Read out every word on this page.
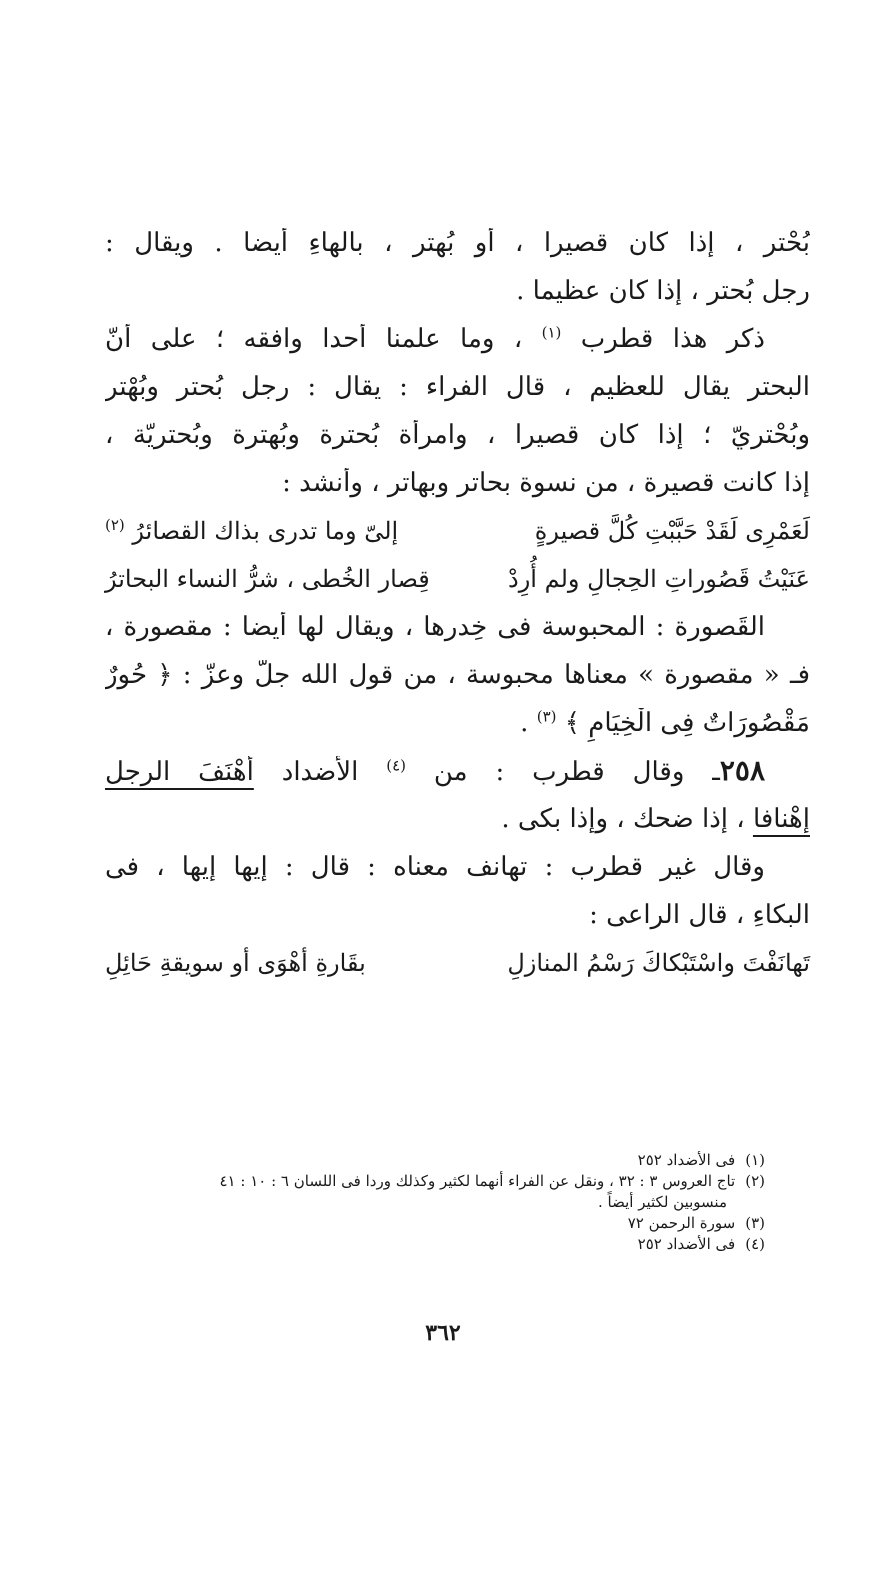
بُحْتر ، إذا كان قصيرا ، أو بُهتر ، بالهاءِ أيضا . ويقال :
رجل بُحتر ، إذا كان عظيما .
ذكر هذا قطرب $^{(١)}$ ، وما علمنا أحدا وافقه ؛ على أنّ
البحتر يقال للعظيم ، قال الفراء : يقال : رجل بُحتر وبُهْتر
وبُحْتريّ ؛ إذا كان قصيرا ، وامرأة بُحترة وبُهترة وبُحتريّة ،
إذا كانت قصيرة ، من نسوة بحاتر وبهاتر ، وأنشد :
لَعَمْرِى لَقَدْ حَبَّبْتِ كُلَّ قصيرةٍ
إلىّ وما تدرى بذاك القصائرُ $^{(٢)}$
عَنَيْتُ قَصُوراتِ الحِجالِ ولم أُرِدْ
قِصار الخُطى ، شرُّ النساء البحاترُ
القَصورة : المحبوسة فى خِدرها ، ويقال لها أيضا : مقصورة ،
فـ « مقصورة » معناها محبوسة ، من قول الله جلّ وعزّ : ﴿ حُورٌ
مَقْصُورَاتٌ فِى الْخِيَامِ ﴾ $^{(٣)}$ .
٢٥٨ـ وقال قطرب : من $^{(٤)}$ الأضداد أَهْنَفَ الرجل
إهْنافا ، إذا ضحك ، وإذا بكى .
وقال غير قطرب : تهانف معناه : قال : إيها إيها ، فى
البكاءِ ، قال الراعى :
تَهانَفْتَ واسْتَبْكاكَ رَسْمُ المنازلِ
بقَارةِ أهْوَى أو سويقةِ حَائِلِ
(١)فى الأضداد ٢٥٢
(٢)تاج العروس ٣ : ٣٢ ، ونقل عن الفراء أنهما لكثير وكذلك وردا فى اللسان ٦ : ١٠ : ٤١
منسوبين لكثير أيضاً .
(٣)سورة الرحمن ٧٢
(٤)فى الأضداد ٢٥٢
٣٦٢
